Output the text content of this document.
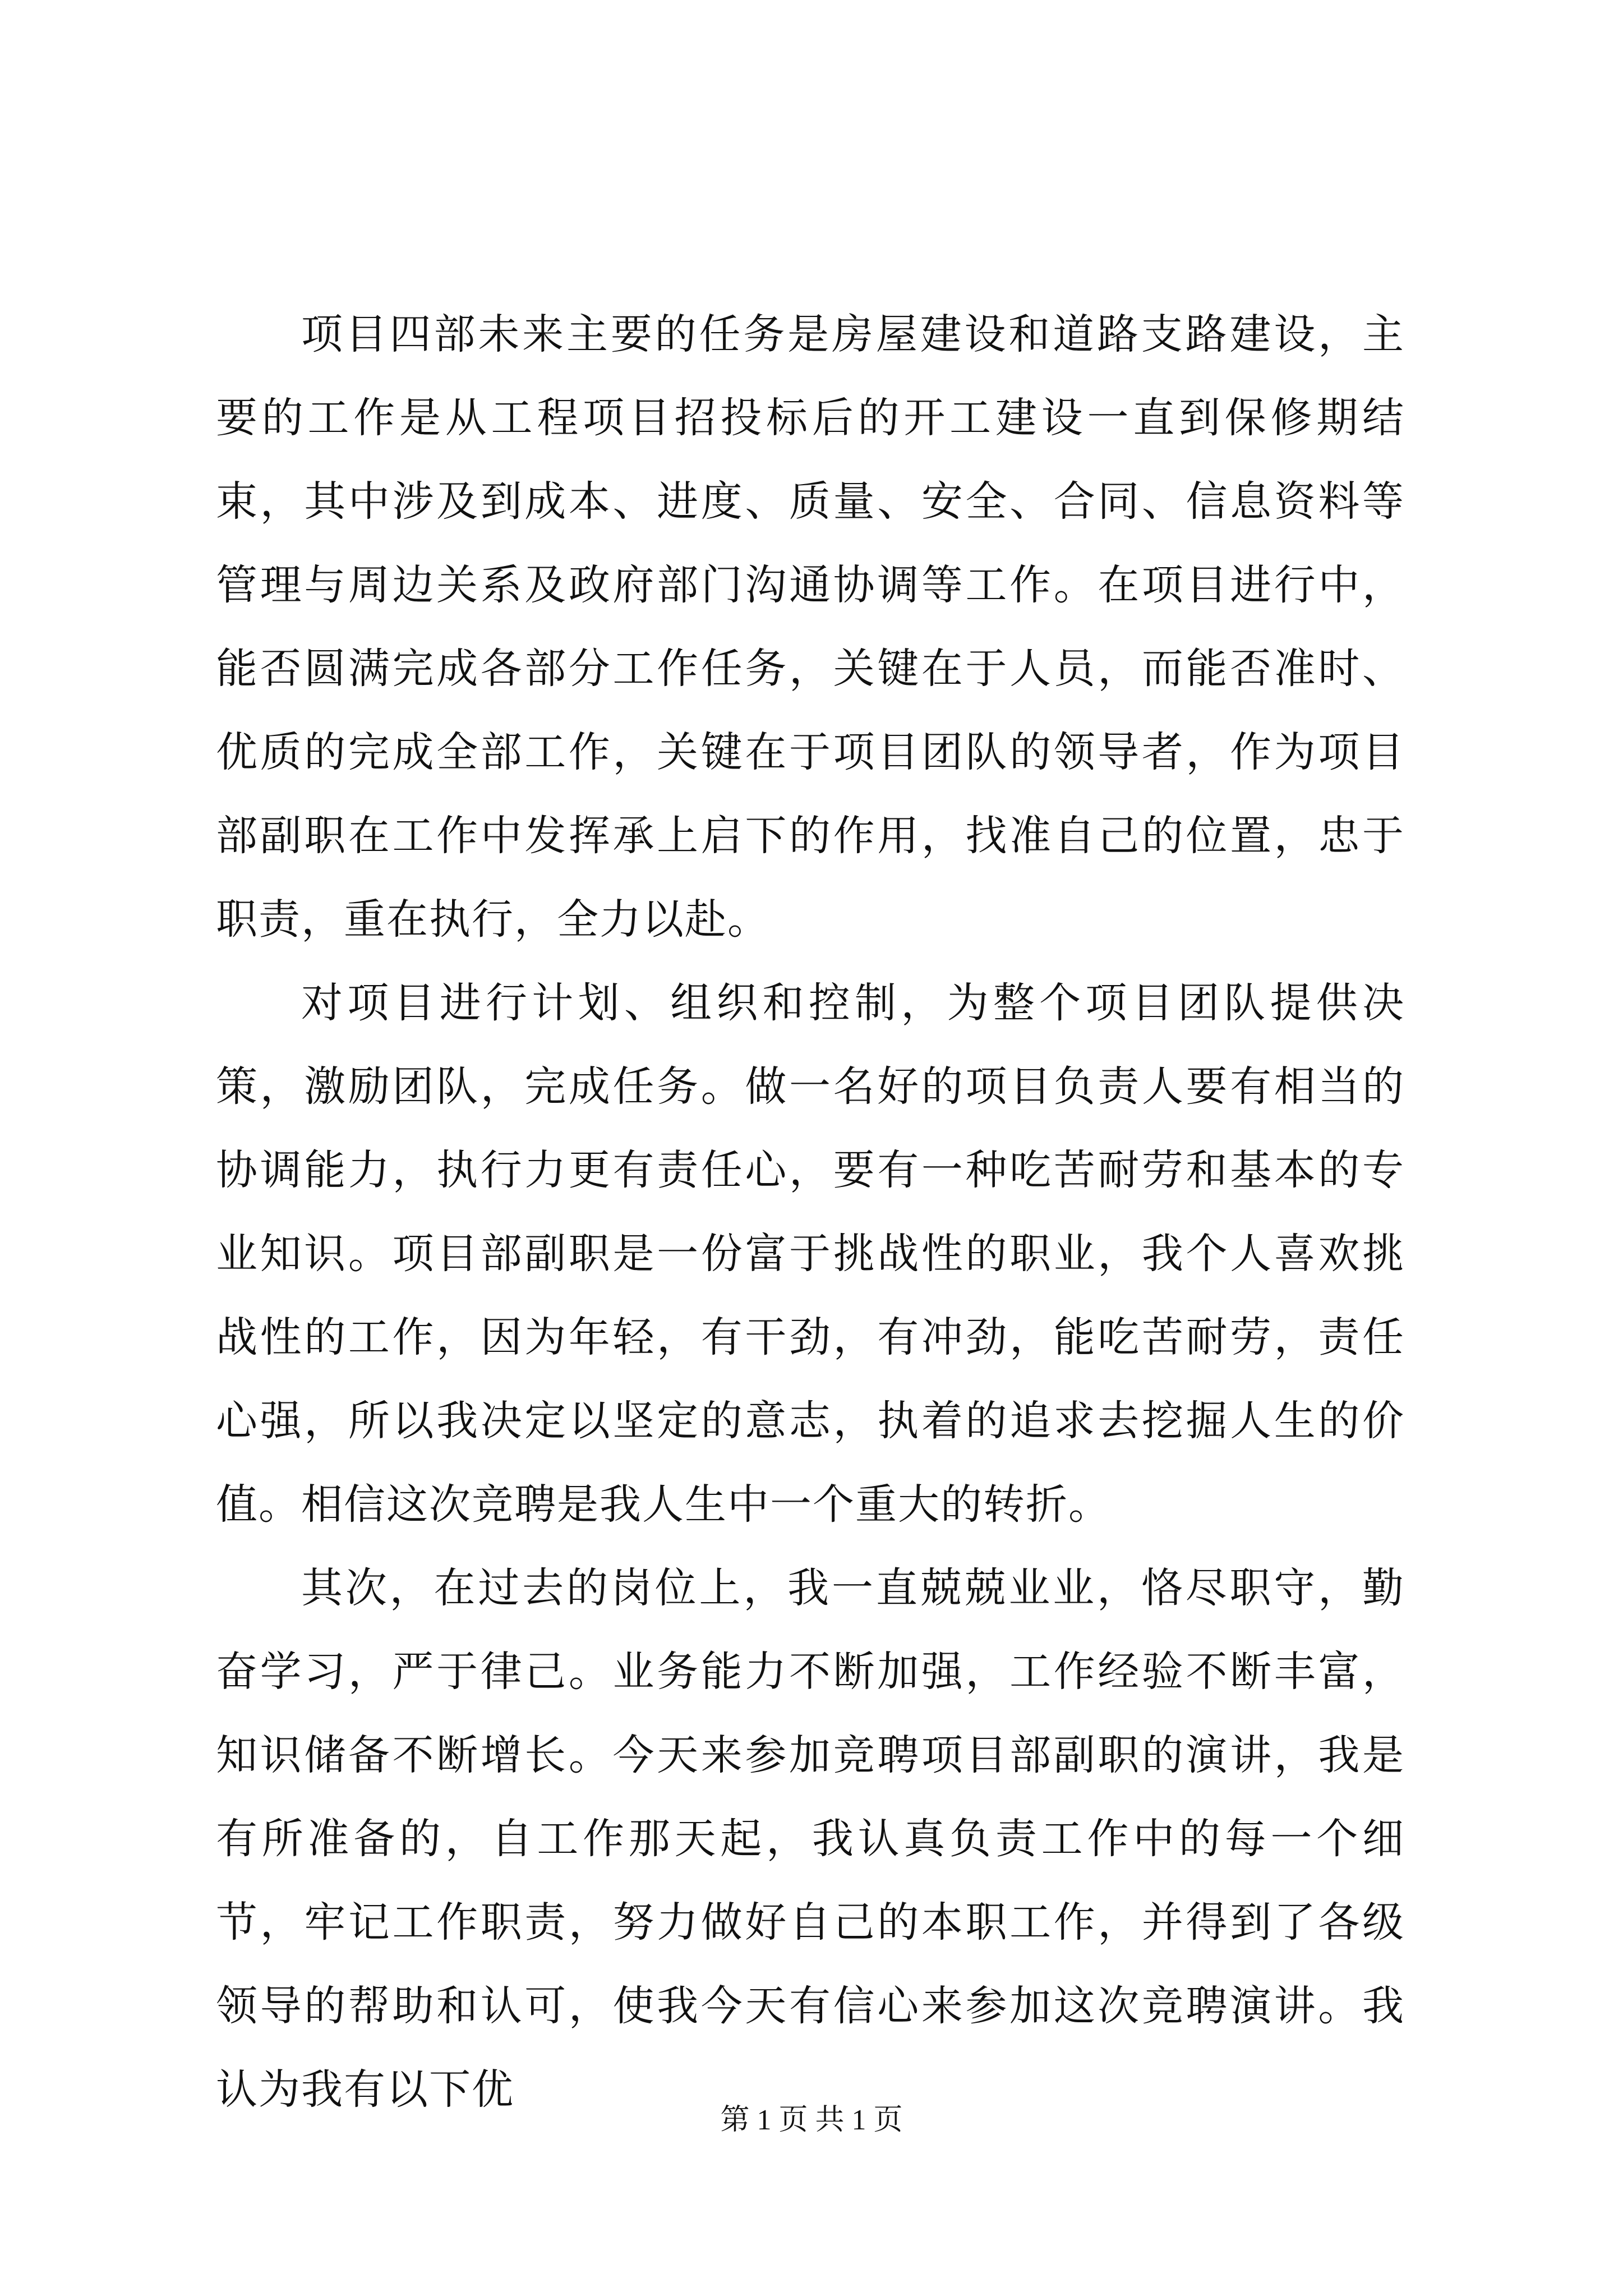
项目四部未来主要的任务是房屋建设和道路支路建设，主要的工作是从工程项目招投标后的开工建设一直到保修期结束，其中涉及到成本、进度、质量、安全、合同、信息资料等管理与周边关系及政府部门沟通协调等工作。在项目进行中，能否圆满完成各部分工作任务，关键在于人员，而能否准时、优质的完成全部工作，关键在于项目团队的领导者，作为项目部副职在工作中发挥承上启下的作用，找准自己的位置，忠于职责，重在执行，全力以赴。

对项目进行计划、组织和控制，为整个项目团队提供决策，激励团队，完成任务。做一名好的项目负责人要有相当的协调能力，执行力更有责任心，要有一种吃苦耐劳和基本的专业知识。项目部副职是一份富于挑战性的职业，我个人喜欢挑战性的工作，因为年轻，有干劲，有冲劲，能吃苦耐劳，责任心强，所以我决定以坚定的意志，执着的追求去挖掘人生的价值。相信这次竞聘是我人生中一个重大的转折。

其次，在过去的岗位上，我一直兢兢业业，恪尽职守，勤奋学习，严于律己。业务能力不断加强，工作经验不断丰富，知识储备不断增长。今天来参加竞聘项目部副职的演讲，我是有所准备的，自工作那天起，我认真负责工作中的每一个细节，牢记工作职责，努力做好自己的本职工作，并得到了各级领导的帮助和认可，使我今天有信心来参加这次竞聘演讲。我认为我有以下优

第 1 页 共 1 页
